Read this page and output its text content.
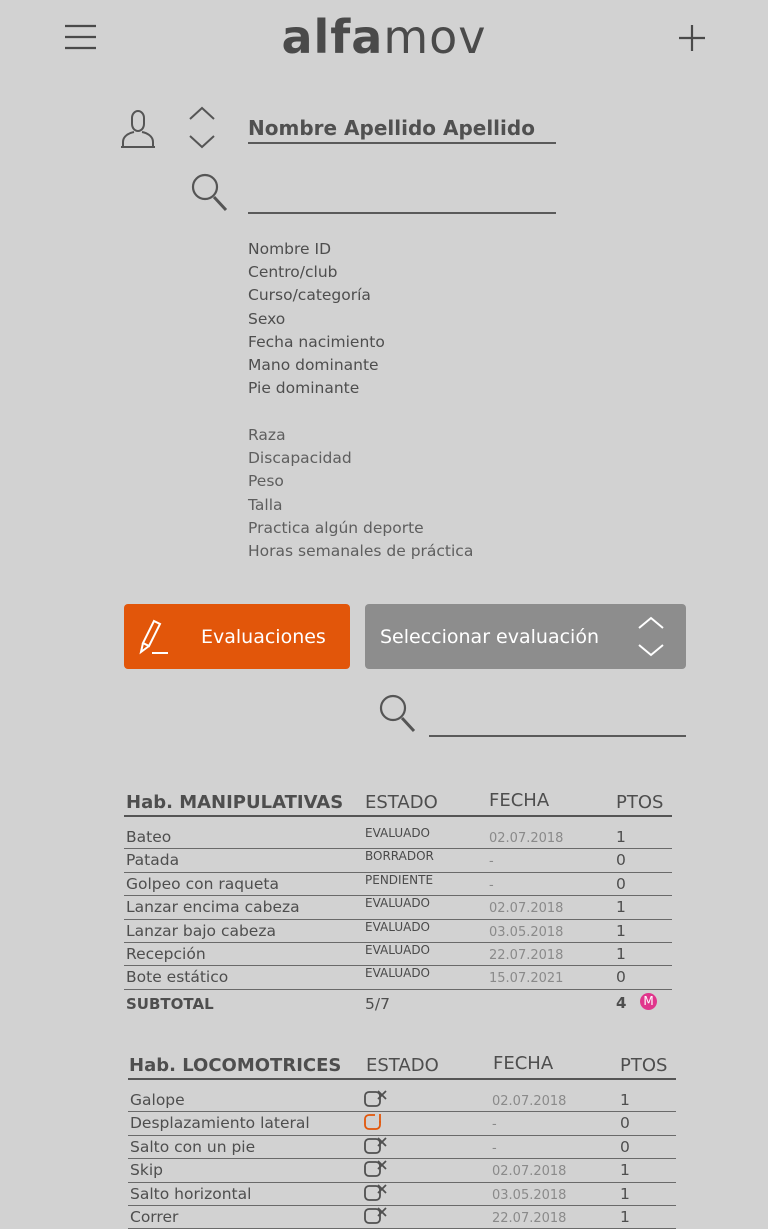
alfamov
Nombre Apellido Apellido
Nombre ID
Centro/club
Curso/categoría
Sexo
Fecha nacimiento
Mano dominante
Pie dominante
Raza
Discapacidad
Peso
Talla
Practica algún deporte
Horas semanales de práctica
Evaluaciones	Seleccionar evaluación
Hab. MANIPULATIVAS ESTADO	FECHA	PTOS
Bateo	EVALUADO	02.07.2018	1
Patada	BORRADOR	-	0
Golpeo con raqueta	PENDIENTE	-	0
Lanzar encima cabeza	EVALUADO	02.07.2018	1
Lanzar bajo cabeza	EVALUADO	03.05.2018	1
Recepción	EVALUADO	22.07.2018	1
Bote estático	EVALUADO	15.07.2021	0
SUBTOTAL	5/7	4 M
Hab. LOCOMOTRICES ESTADO	FECHA	PTOS
Galope	02.07.2018	1
Desplazamiento lateral	-	0
Salto con un pie	-	0
Skip	02.07.2018	1
Salto horizontal	03.05.2018	1
Correr	22.07.2018	1
